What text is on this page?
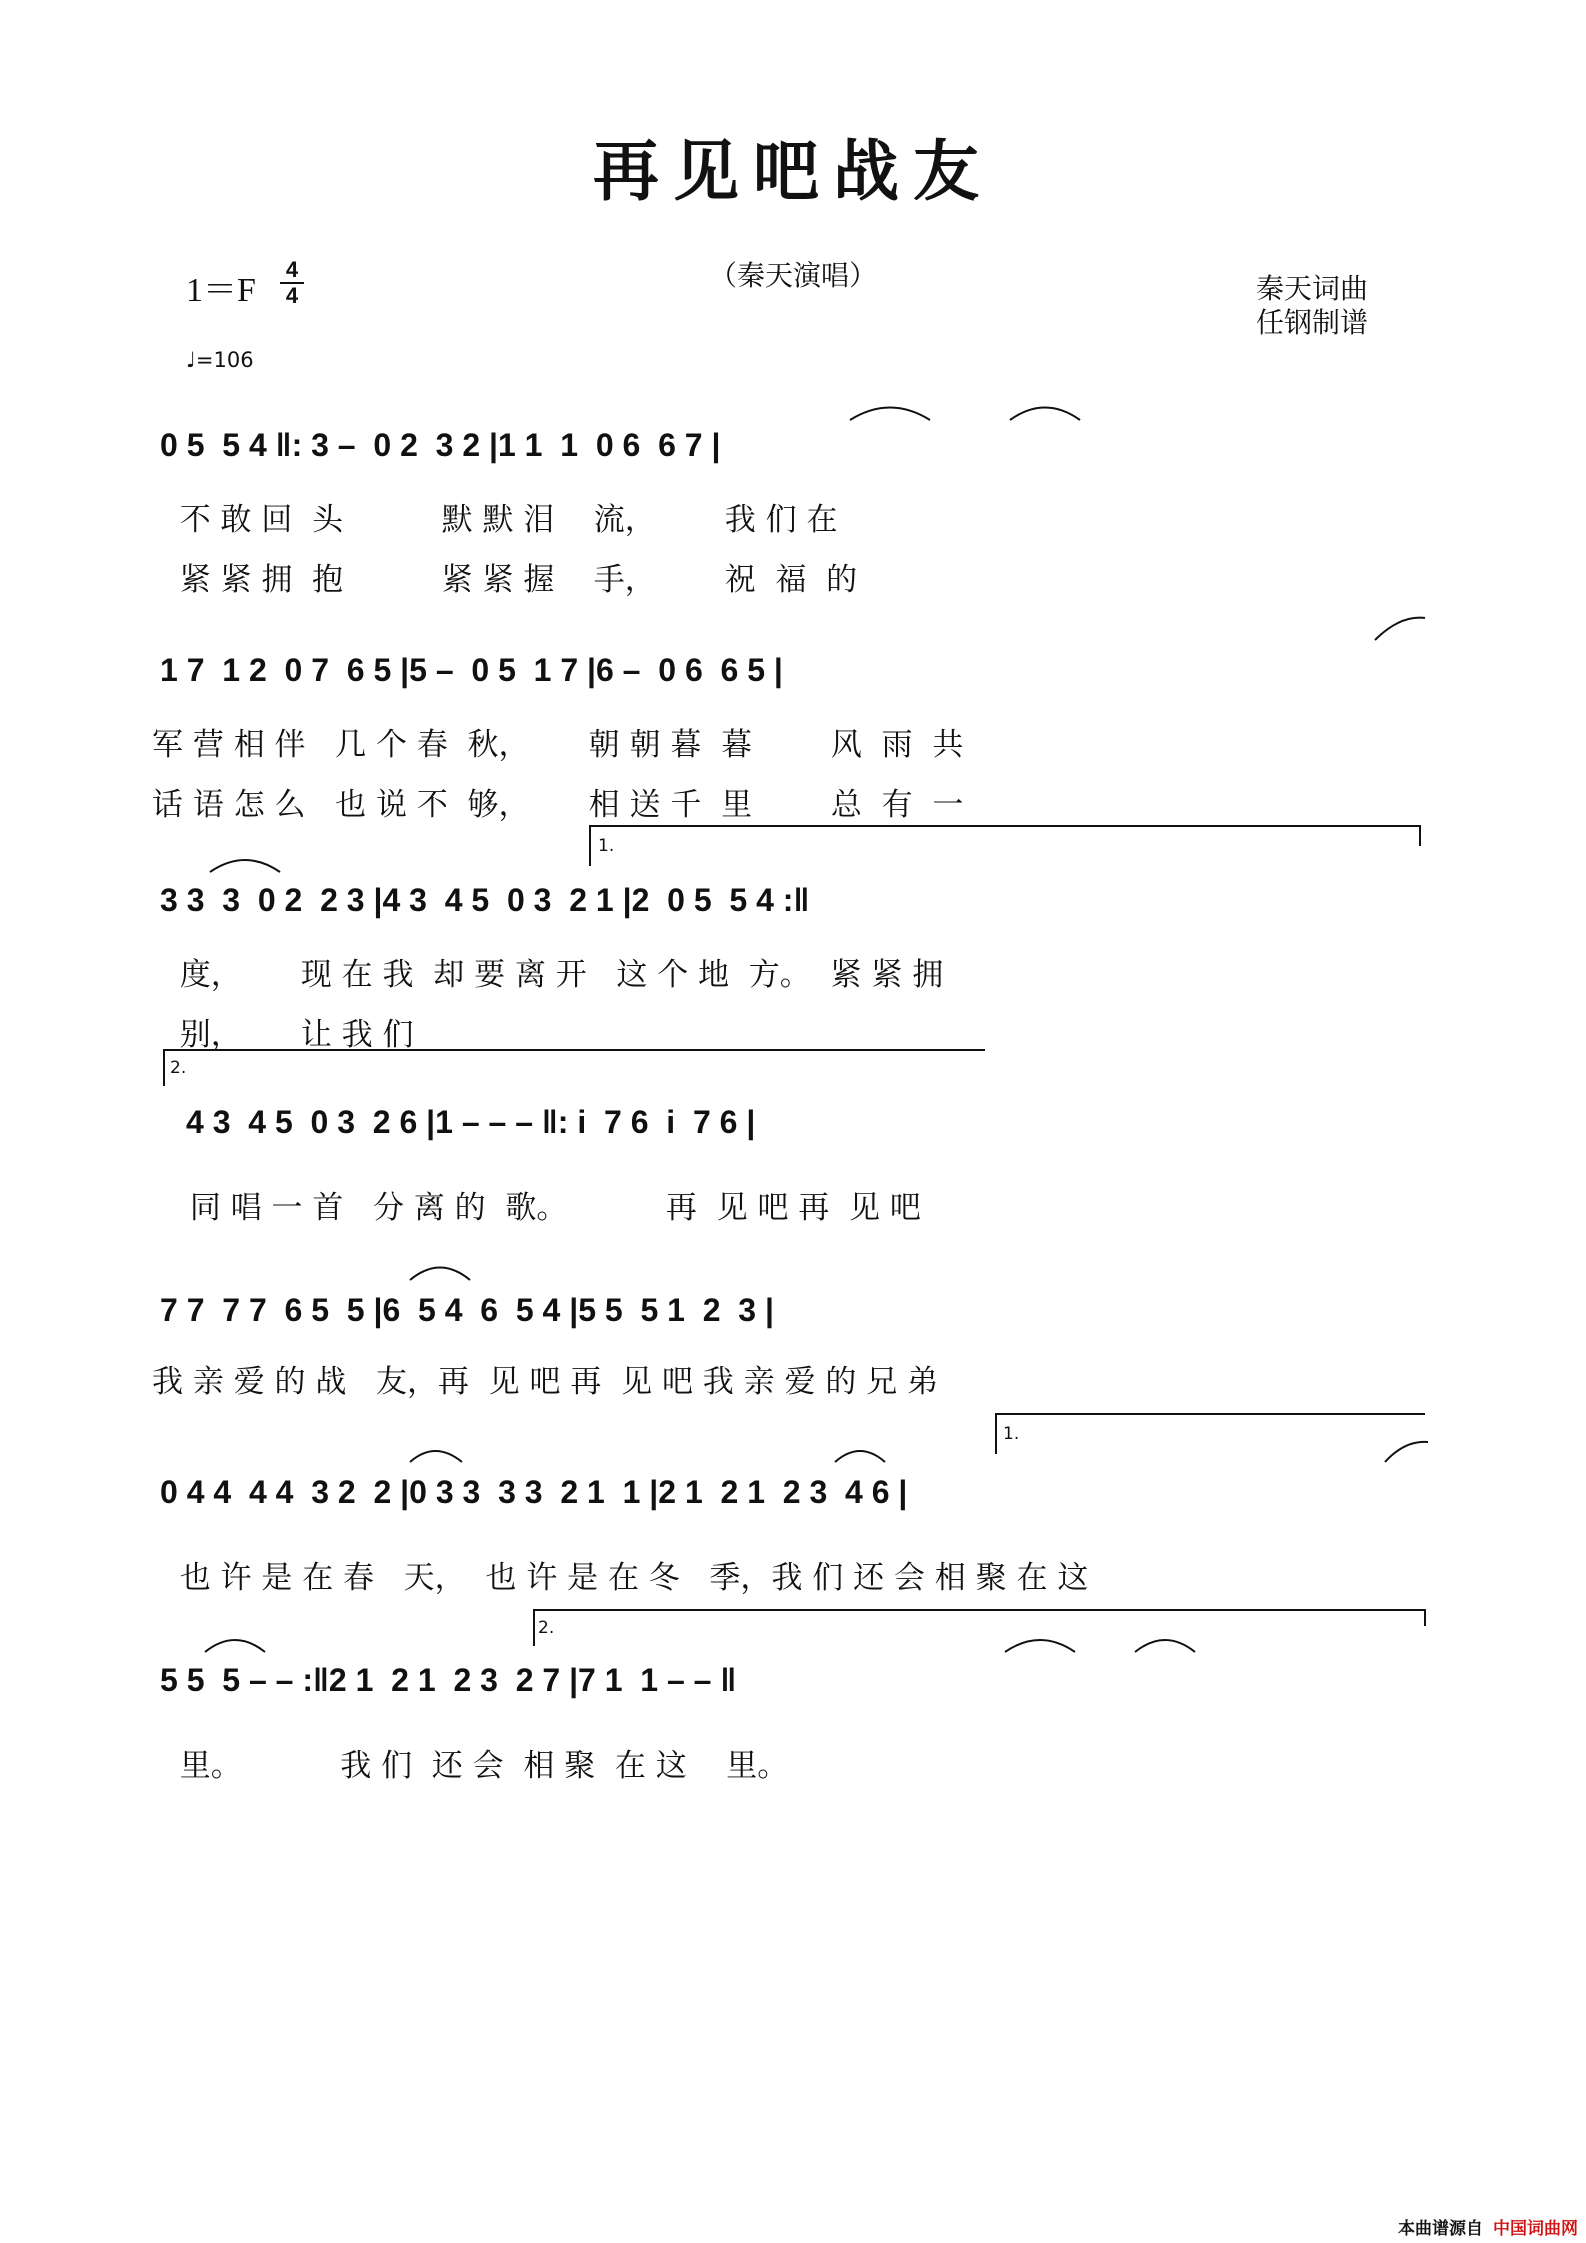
再见吧战友
（秦天演唱）
1＝F
4
4	秦天词曲
任钢制谱
♩=106
0 5  5 4 ‖: 3 –  0 2  3 2 |1 1  1  0 6  6 7 |
不 敢 回  头          默 默 泪    流，       我 们 在
紧 紧 拥  抱          紧 紧 握    手，       祝  福  的
1 7  1 2  0 7  6 5 |5 –  0 5  1 7 |6 –  0 6  6 5 |
军 营 相 伴   几 个 春  秋，      朝 朝 暮  暮        风  雨  共
话 语 怎 么   也 说 不  够，      相 送 千  里        总  有  一
1.
3 3  3  0 2  2 3 |4 3  4 5  0 3  2 1 |2  0 5  5 4 :‖
度，      现 在 我  却 要 离 开   这 个 地  方。  紧 紧 拥
别，      让 我 们
2.
4 3  4 5  0 3  2 6 |1 – – – ‖: i  7 6  i  7 6 |
同 唱 一 首   分 离 的  歌。          再  见 吧 再  见 吧
7 7  7 7  6 5  5 |6  5 4  6  5 4 |5 5  5 1  2  3 |
我 亲 爱 的 战   友，再  见 吧 再  见 吧 我 亲 爱 的 兄 弟
1.
0 4 4  4 4  3 2  2 |0 3 3  3 3  2 1  1 |2 1  2 1  2 3  4 6 |
也 许 是 在 春   天，  也 许 是 在 冬   季，我 们 还 会 相 聚 在 这
2.
5 5  5 – – :‖2 1  2 1  2 3  2 7 |7 1  1 – – ‖
里。          我 们  还 会  相 聚  在 这    里。
本曲谱源自 中国词曲网
